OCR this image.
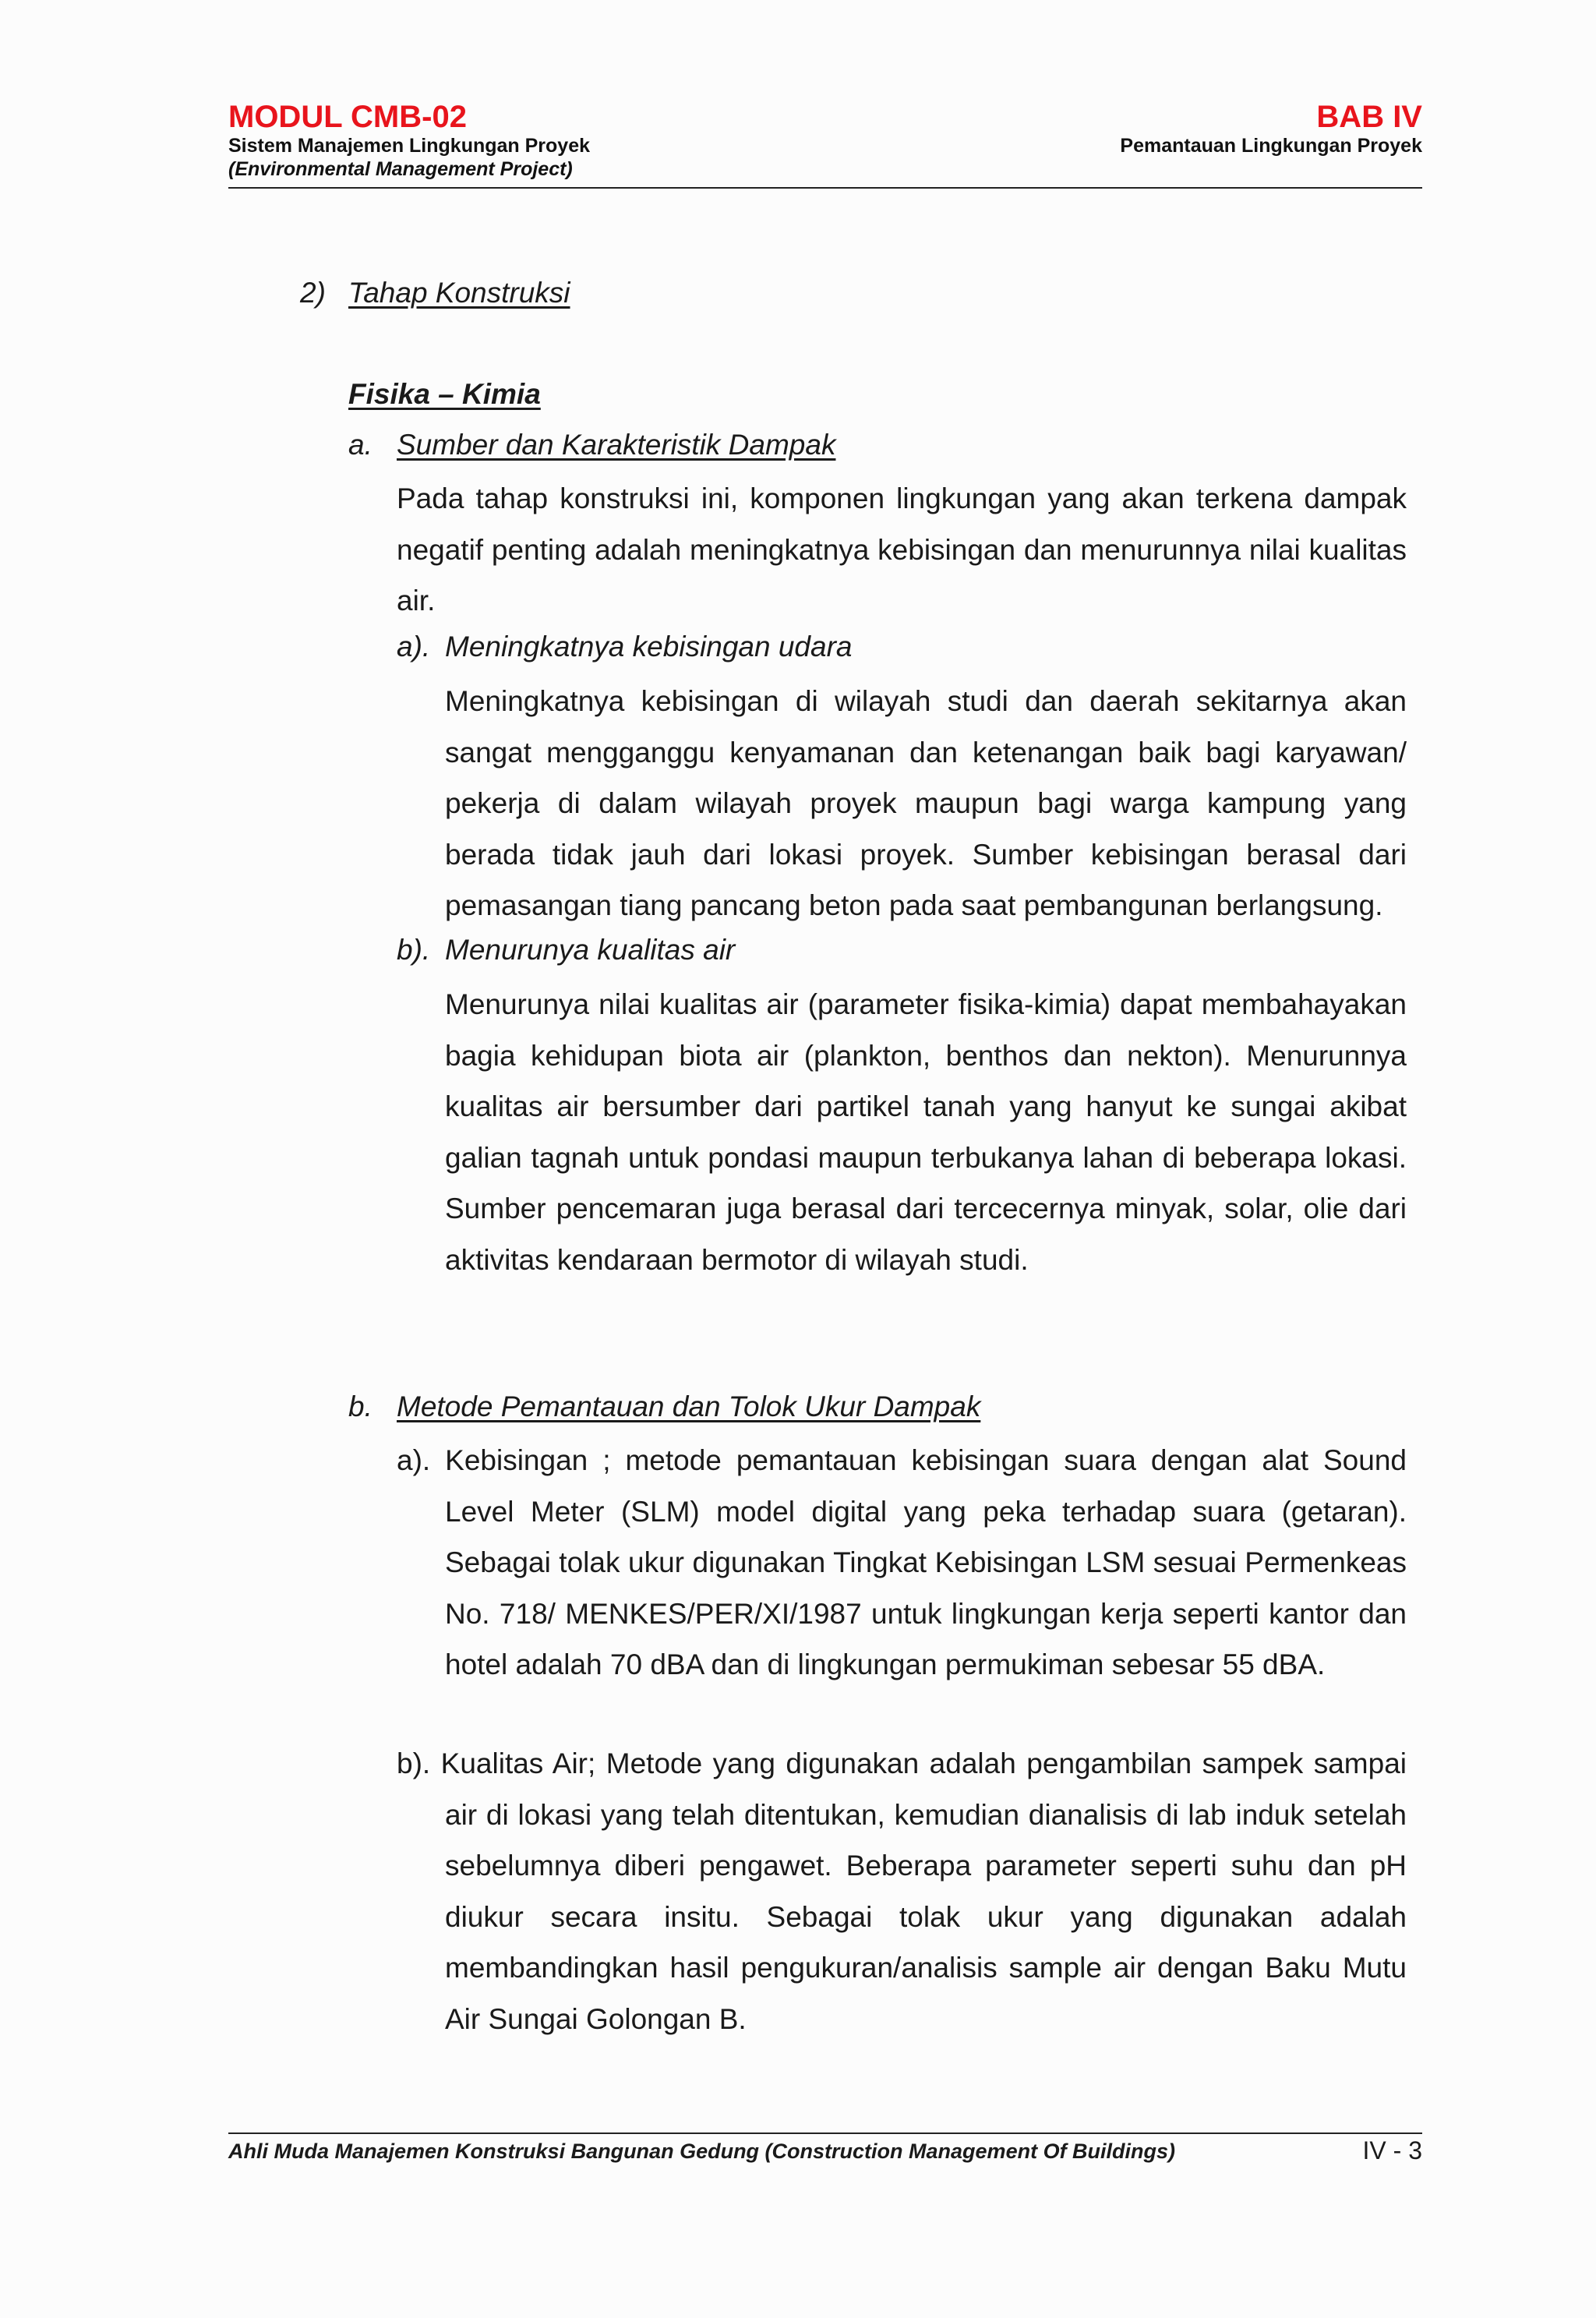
MODUL CMB-02
Sistem Manajemen Lingkungan Proyek
(Environmental Management Project)
BAB IV
Pemantauan Lingkungan Proyek
2) Tahap Konstruksi
Fisika – Kimia
a. Sumber dan Karakteristik Dampak
Pada tahap konstruksi ini, komponen lingkungan yang akan terkena dampak negatif penting adalah meningkatnya kebisingan dan menurunnya nilai kualitas air.
a). Meningkatnya kebisingan udara
Meningkatnya kebisingan di wilayah studi dan daerah sekitarnya akan sangat mengganggu kenyamanan dan ketenangan baik bagi karyawan/ pekerja di dalam wilayah proyek maupun bagi warga kampung yang berada tidak jauh dari lokasi proyek. Sumber kebisingan berasal dari pemasangan tiang pancang beton pada saat pembangunan berlangsung.
b). Menurunya kualitas air
Menurunya nilai kualitas air (parameter fisika-kimia) dapat membahayakan bagia kehidupan biota air (plankton, benthos dan nekton). Menurunnya kualitas air bersumber dari partikel tanah yang hanyut ke sungai akibat galian tagnah untuk pondasi maupun terbukanya lahan di beberapa lokasi. Sumber pencemaran juga berasal dari tercecernya minyak, solar, olie dari aktivitas kendaraan bermotor di wilayah studi.
b. Metode Pemantauan dan Tolok Ukur Dampak
a). Kebisingan ; metode pemantauan kebisingan suara dengan alat Sound Level Meter (SLM) model digital yang peka terhadap suara (getaran). Sebagai tolak ukur digunakan Tingkat Kebisingan LSM sesuai Permenkeas No. 718/ MENKES/PER/XI/1987 untuk lingkungan kerja seperti kantor dan hotel adalah 70 dBA dan di lingkungan permukiman sebesar 55 dBA.
b). Kualitas Air; Metode yang digunakan adalah pengambilan sampek sampai air di lokasi yang telah ditentukan, kemudian dianalisis di lab induk setelah sebelumnya diberi pengawet. Beberapa parameter seperti suhu dan pH diukur secara insitu. Sebagai tolak ukur yang digunakan adalah membandingkan hasil pengukuran/analisis sample air dengan Baku Mutu Air Sungai Golongan B.
Ahli Muda Manajemen Konstruksi Bangunan Gedung (Construction Management Of Buildings)	IV - 3
